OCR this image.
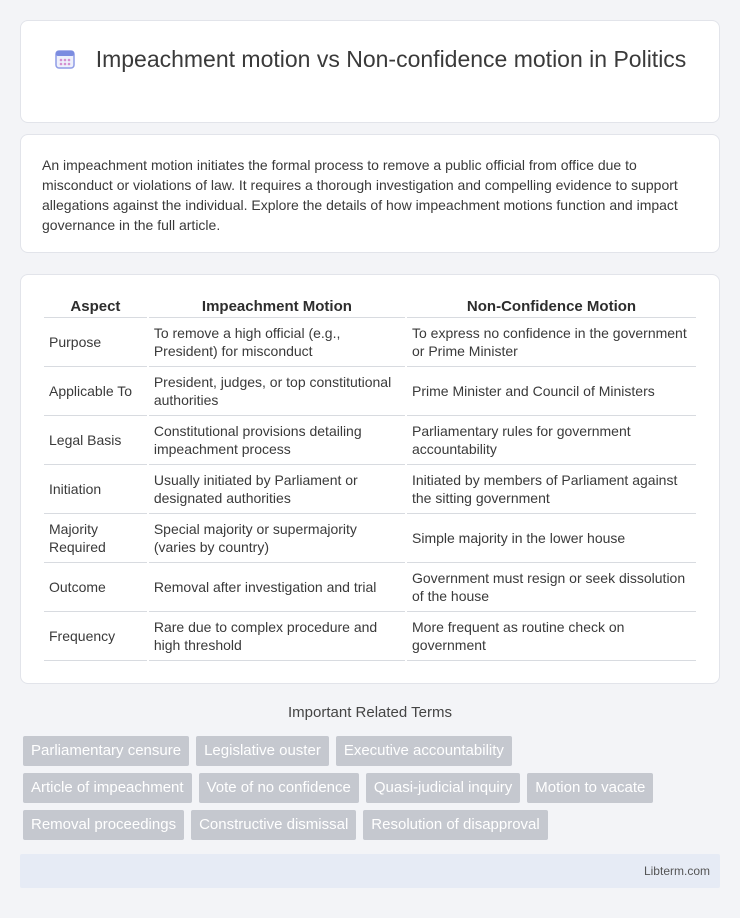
Impeachment motion vs Non-confidence motion in Politics

An impeachment motion initiates the formal process to remove a public official from office due to misconduct or violations of law. It requires a thorough investigation and compelling evidence to support allegations against the individual. Explore the details of how impeachment motions function and impact governance in the full article.

Aspect	Impeachment Motion	Non-Confidence Motion
Purpose	To remove a high official (e.g., President) for misconduct	To express no confidence in the government or Prime Minister
Applicable To	President, judges, or top constitutional authorities	Prime Minister and Council of Ministers
Legal Basis	Constitutional provisions detailing impeachment process	Parliamentary rules for government accountability
Initiation	Usually initiated by Parliament or designated authorities	Initiated by members of Parliament against the sitting government
Majority Required	Special majority or supermajority (varies by country)	Simple majority in the lower house
Outcome	Removal after investigation and trial	Government must resign or seek dissolution of the house
Frequency	Rare due to complex procedure and high threshold	More frequent as routine check on government
Important Related Terms
Parliamentary censure	Legislative ouster	Executive accountability
Article of impeachment	Vote of no confidence	Quasi-judicial inquiry	Motion to vacate
Removal proceedings	Constructive dismissal	Resolution of disapproval
Libterm.com
